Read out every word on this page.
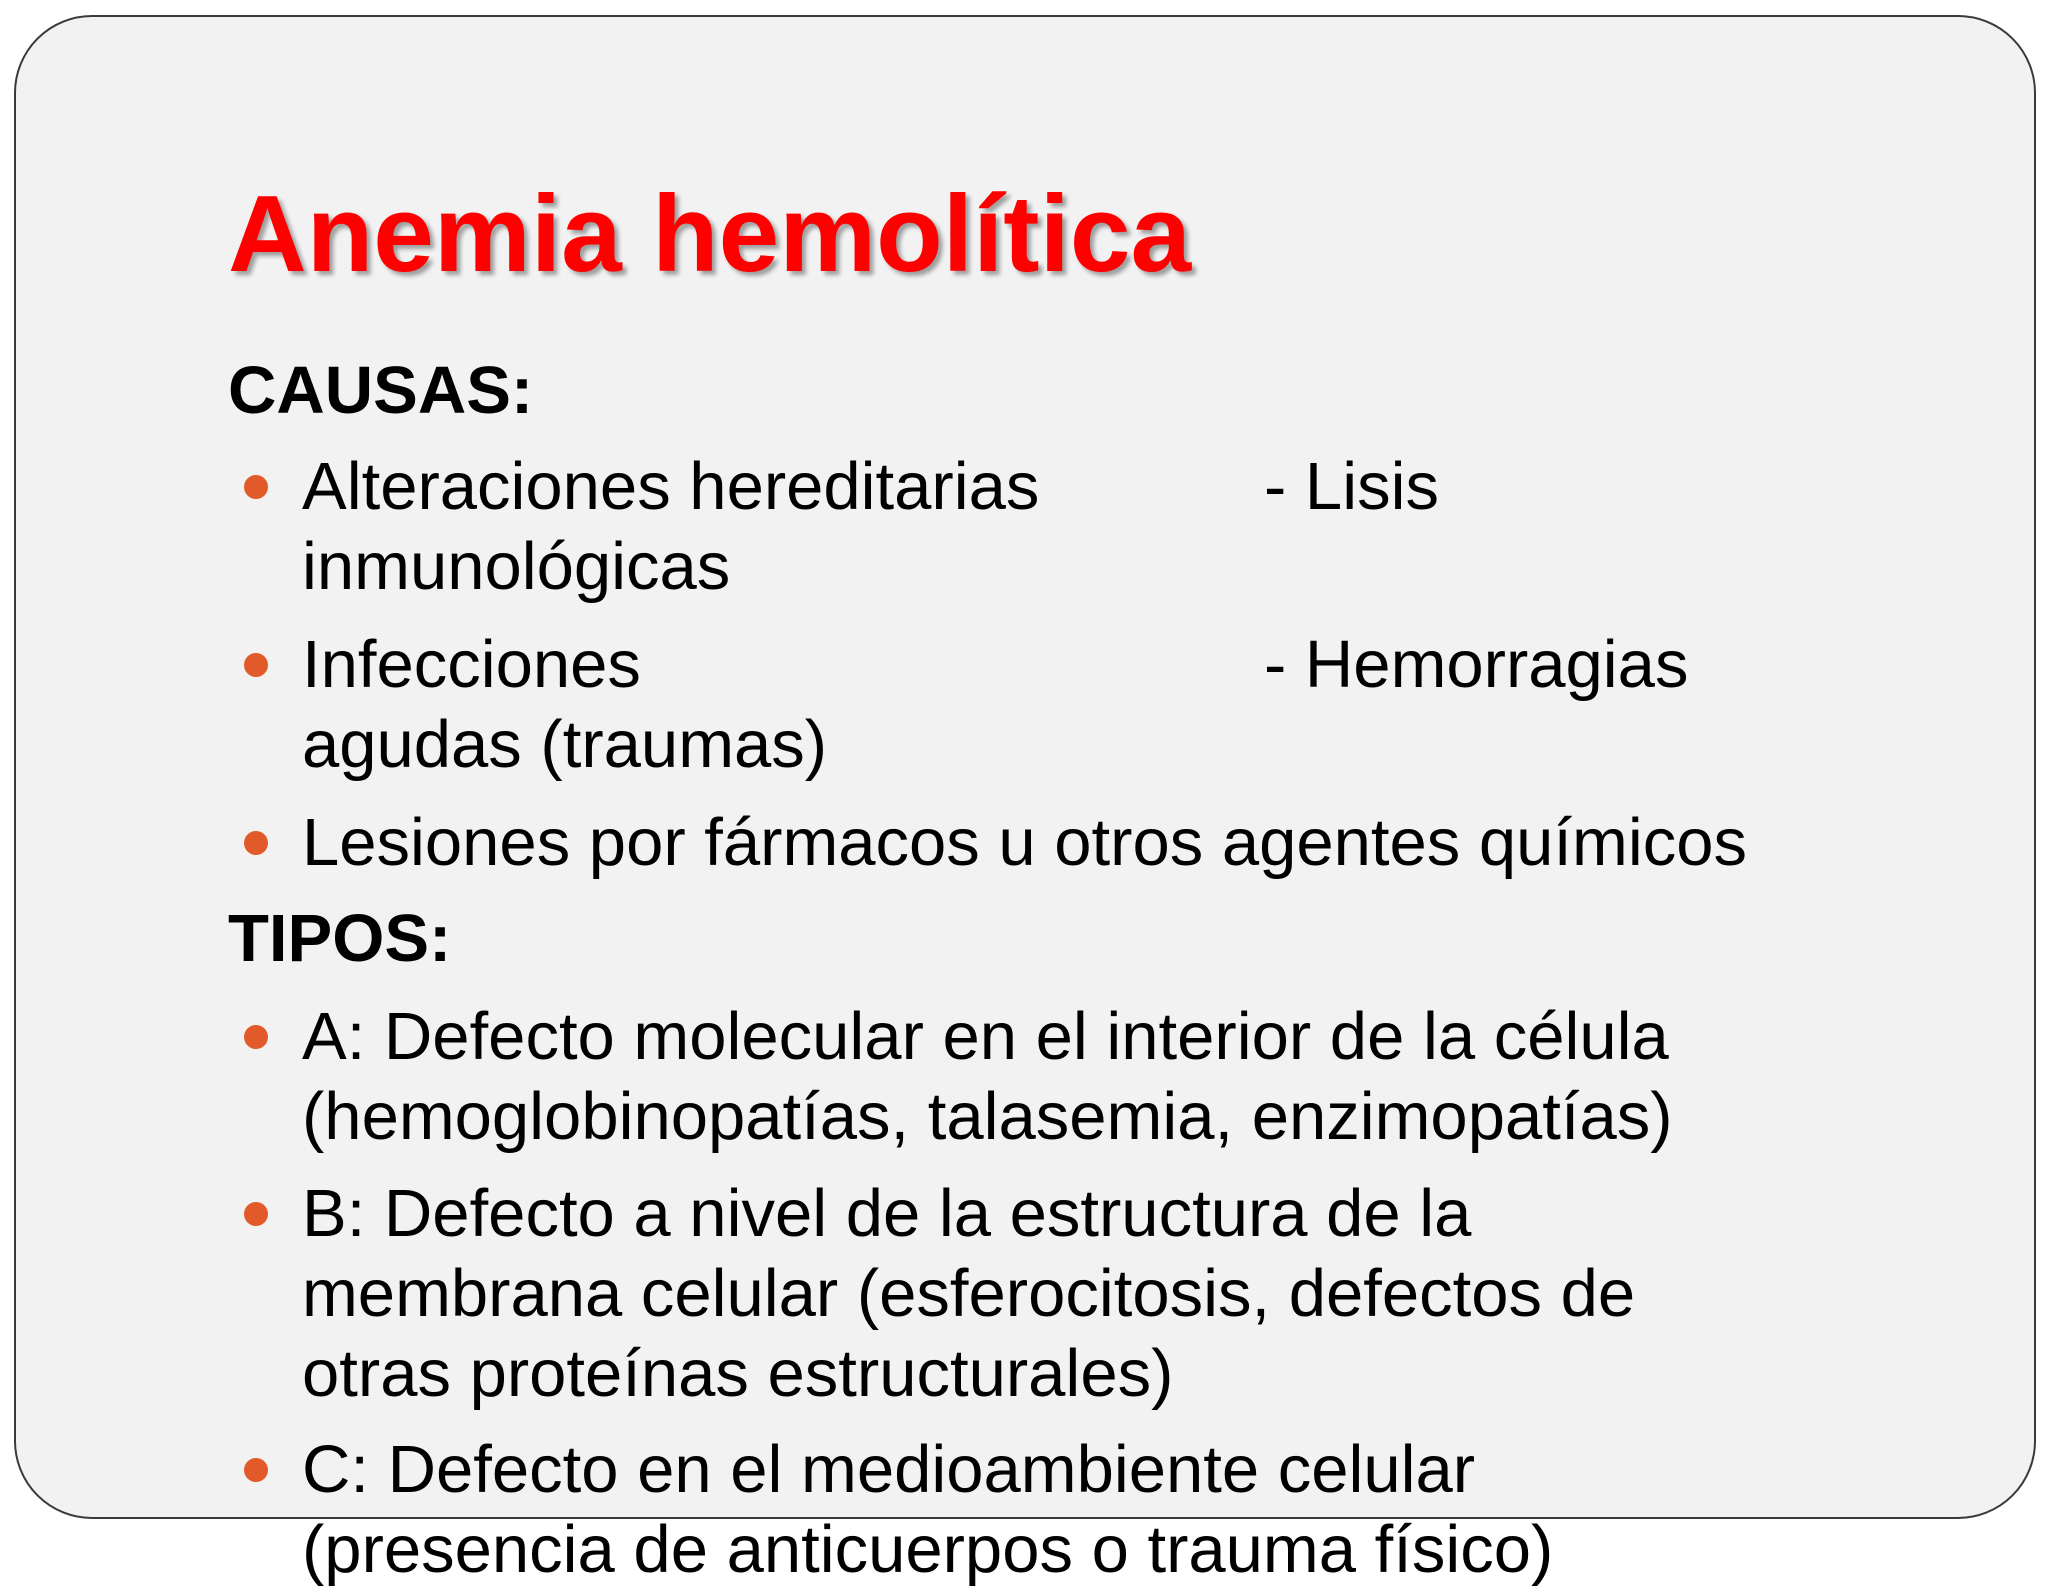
Anemia hemolítica
CAUSAS:
Alteraciones hereditarias	- Lisis
inmunológicas
Infecciones	- Hemorragias
agudas (traumas)
Lesiones por fármacos u otros agentes químicos
TIPOS:
A: Defecto molecular en el interior de la célula
(hemoglobinopatías, talasemia, enzimopatías)
B: Defecto a nivel de la estructura de la
membrana celular (esferocitosis, defectos de
otras proteínas estructurales)
C: Defecto en el medioambiente celular
(presencia de anticuerpos o trauma físico)
